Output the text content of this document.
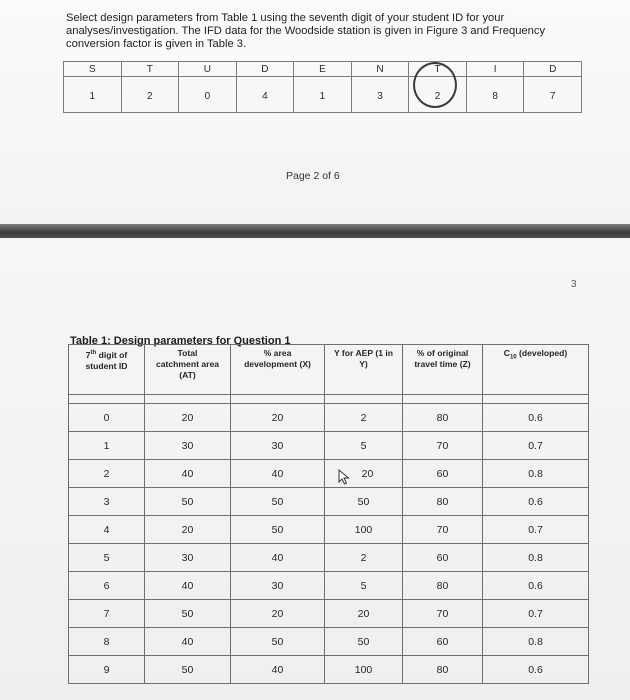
Select design parameters from Table 1 using the seventh digit of your student ID for your
analyses/investigation. The IFD data for the Woodside station is given in Figure 3 and Frequency
conversion factor is given in Table 3.
S	T	U	D	E	N	T	I	D
1	2	0	4	1	3	2	8	7
Page 2 of 6
3
Table 1: Design parameters for Question 1
7th digit of
student ID	Total
catchment area
(AT)	% area
development (X)	Y for AEP (1 in
Y)	% of original
travel time (Z)	$C_{10}$ (developed)

0	20	20	2	80	0.6
1	30	30	5	70	0.7
2	40	40	20	60	0.8
3	50	50	50	80	0.6
4	20	50	100	70	0.7
5	30	40	2	60	0.8
6	40	30	5	80	0.6
7	50	20	20	70	0.7
8	40	50	50	60	0.8
9	50	40	100	80	0.6
